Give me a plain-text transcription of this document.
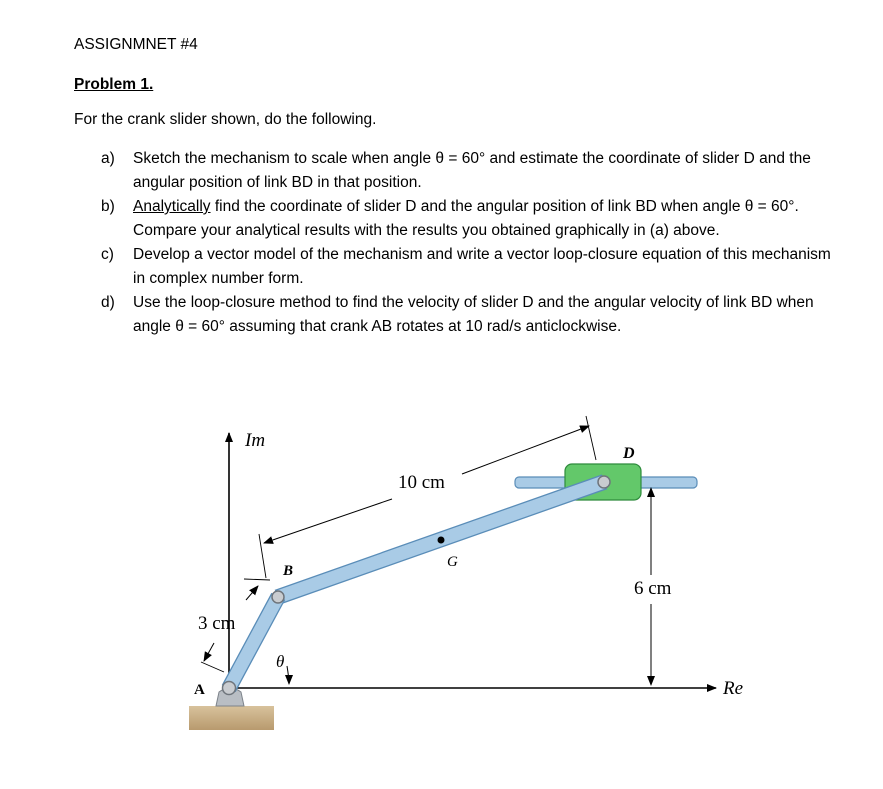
ASSIGNMNET #4
Problem 1.
For the crank slider shown, do the following.
a)	Sketch the mechanism to scale when angle θ = 60° and estimate the coordinate of slider D and the angular position of link BD in that position.
b)	Analytically find the coordinate of slider D and the angular position of link BD when angle θ = 60°. Compare your analytical results with the results you obtained graphically in (a) above.
c)	Develop a vector model of the mechanism and write a vector loop-closure equation of this mechanism in complex number form.
d)	Use the loop-closure method to find the velocity of slider D and the angular velocity of link BD when angle θ = 60° assuming that crank AB rotates at 10 rad/s anticlockwise.
Im
Re
A
B
D
G
θ
3 cm
10 cm
6 cm
